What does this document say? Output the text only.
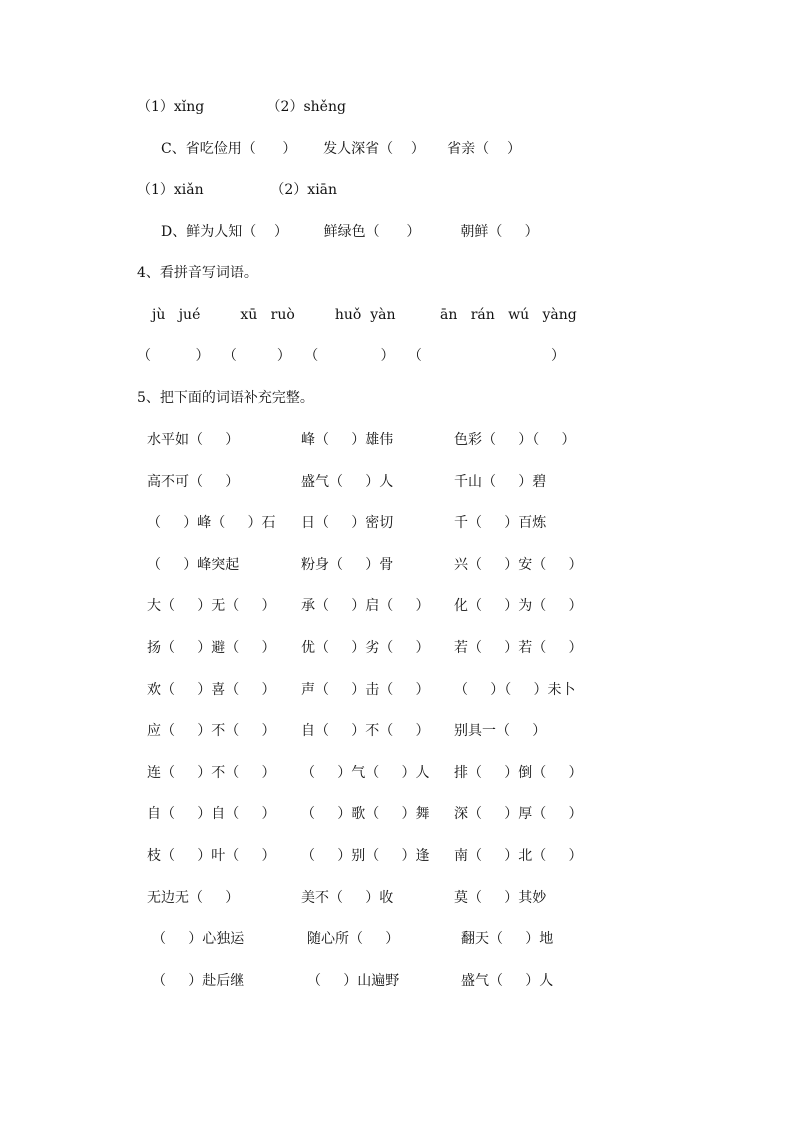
（1）xǐng              （2）shěng
C、省吃俭用（      ）      发人深省（    ）     省亲（    ）
（1）xiǎn               （2）xiān
D、鲜为人知（    ）        鲜绿色（      ）         朝鲜（     ）
4、看拼音写词语。
jù   jué         xū   ruò         huǒ  yàn          ān   rán   wú   yàng
（          ）   （         ）   （              ）   （                             ）
5、把下面的词语补充完整。
水平如（     ）	峰（     ）雄伟	色彩（     ）（     ）
高不可（     ）	盛气（     ）人	千山（     ）碧
（     ）峰（     ）石 日（     ）密切	千（     ）百炼
（     ）峰突起	粉身（     ）骨	兴（     ）安（     ）
大（     ）无（     ） 承（     ）启（     ） 化（     ）为（     ）
扬（     ）避（     ） 优（     ）劣（     ） 若（     ）若（     ）
欢（     ）喜（     ） 声（     ）击（     ） （     ）（     ）未卜
应（     ）不（     ） 自（     ）不（     ） 别具一（     ）
连（     ）不（     ） （     ）气（     ）人 排（     ）倒（     ）
自（     ）自（     ） （     ）歌（     ）舞 深（     ）厚（     ）
枝（     ）叶（     ） （     ）别（     ）逢 南（     ）北（     ）
无边无（     ）	美不（     ）收	莫（     ）其妙
（     ）心独运	随心所（     ）	翻天（     ）地
（     ）赴后继	（     ）山遍野	盛气（     ）人
